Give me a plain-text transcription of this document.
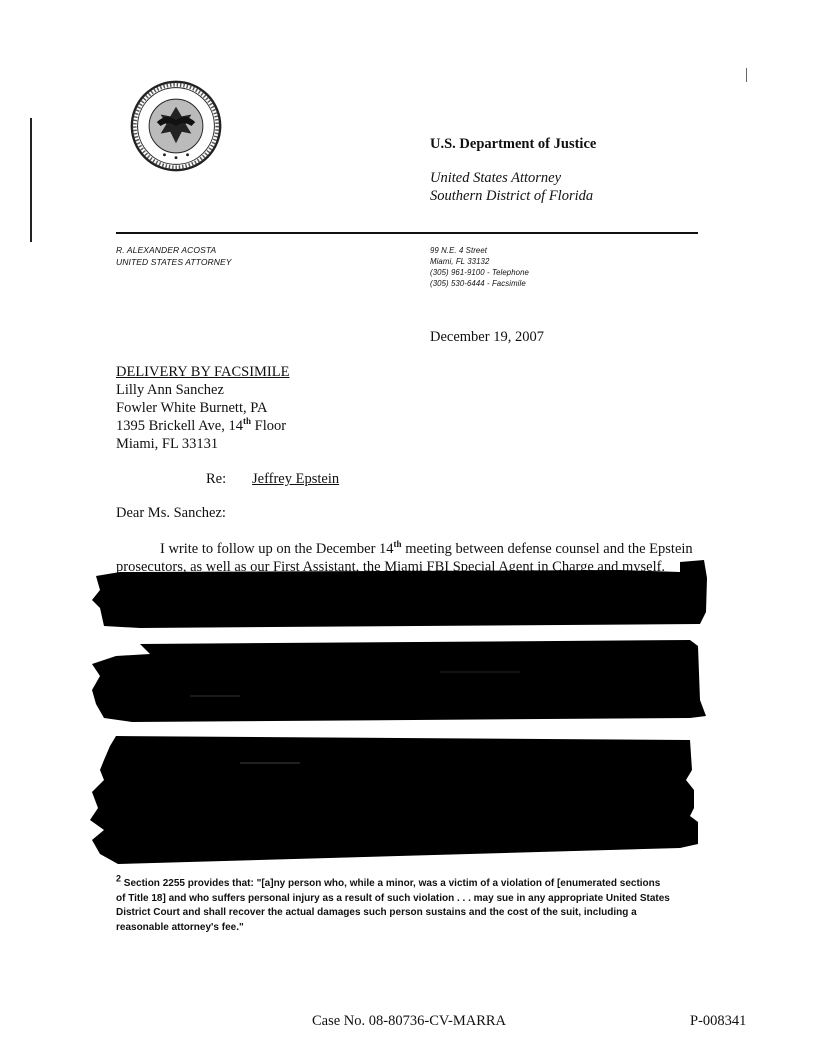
U.S. Department of Justice
United States Attorney
Southern District of Florida
R. ALEXANDER ACOSTA
UNITED STATES ATTORNEY
99 N.E. 4 Street
Miami, FL 33132
(305) 961-9100 - Telephone
(305) 530-6444 - Facsimile
December 19, 2007
DELIVERY BY FACSIMILE
Lilly Ann Sanchez
Fowler White Burnett, PA
1395 Brickell Ave, 14th Floor
Miami, FL 33131
Re: Jeffrey Epstein
Dear Ms. Sanchez:
I write to follow up on the December 14th meeting between defense counsel and the Epstein
prosecutors, as well as our First Assistant, the Miami FBI Special Agent in Charge and myself.
$^2$ Section 2255 provides that: "[a]ny person who, while a minor, was a victim of a violation of [enumerated sections
of Title 18] and who suffers personal injury as a result of such violation . . . may sue in any appropriate United States
District Court and shall recover the actual damages such person sustains and the cost of the suit, including a
reasonable attorney's fee."
Case No. 08-80736-CV-MARRA	P-008341
